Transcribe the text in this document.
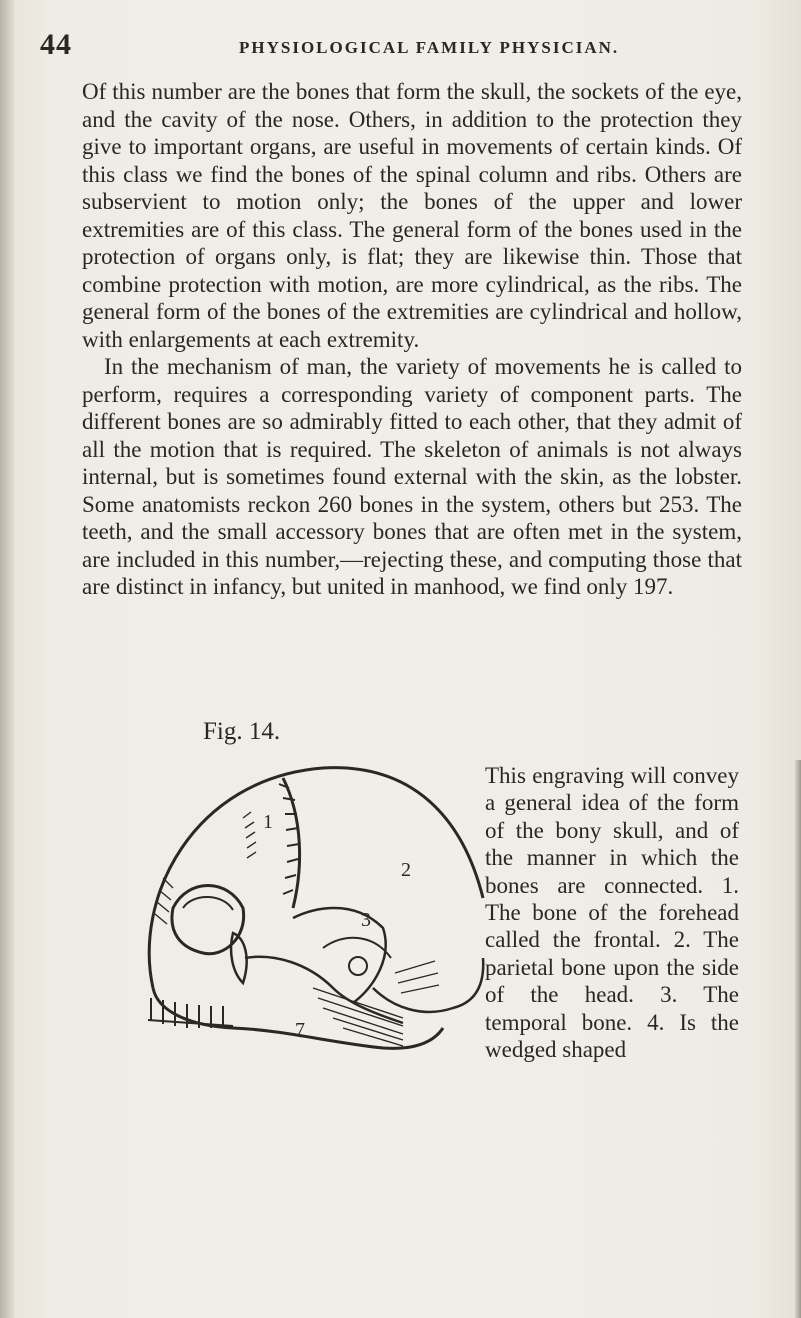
44	PHYSIOLOGICAL FAMILY PHYSICIAN.

Of this number are the bones that form the skull, the sockets of the eye, and the cavity of the nose. Others, in addition to the protection they give to important organs, are useful in movements of certain kinds. Of this class we find the bones of the spinal column and ribs. Others are subservient to motion only; the bones of the upper and lower extremities are of this class. The general form of the bones used in the protection of organs only, is flat; they are likewise thin. Those that combine protection with motion, are more cylindrical, as the ribs. The general form of the bones of the extremities are cylindrical and hollow, with enlargements at each extremity.

In the mechanism of man, the variety of movements he is called to perform, requires a corresponding variety of component parts. The different bones are so admirably fitted to each other, that they admit of all the motion that is required. The skeleton of animals is not always internal, but is sometimes found external with the skin, as the lobster. Some anatomists reckon 260 bones in the system, others but 253. The teeth, and the small accessory bones that are often met in the system, are included in this number,—rejecting these, and computing those that are distinct in infancy, but united in manhood, we find only 197.

Fig. 14.
1
2
3
7
This engraving will convey a general idea of the form of the bony skull, and of the manner in which the bones are connected. 1. The bone of the forehead called the frontal. 2. The parietal bone upon the side of the head. 3. The temporal bone. 4. Is the wedged shaped
